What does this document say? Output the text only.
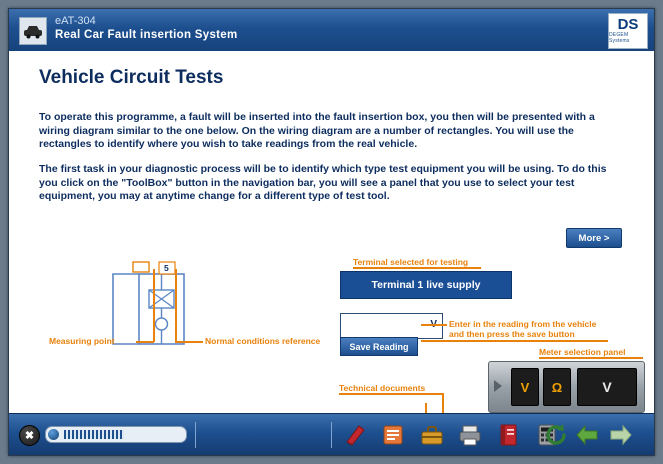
eAT-304
Real Car Fault insertion System
DS
DEGEM Systems
Vehicle Circuit Tests
To operate this programme, a fault will be inserted into the fault insertion box, you then will be presented with a wiring diagram similar to the one below. On the wiring diagram are a number of rectangles. You will use the rectangles to identify where you wish to take readings from the real vehicle.
The first task in your diagnostic process will be to identify which type test equipment you will be using. To do this you click on the "ToolBox" button in the navigation bar, you will see a panel that you use to select your test equipment, you may at anytime change for a different type of test tool.
More >
5
Measuring point	Normal conditions reference
Terminal selected for testing
Terminal 1 live supply
Save Reading
Enter in the reading from the vehicle
and then press the save button
Meter selection panel
V	Ω	V
Technical documents
✖
